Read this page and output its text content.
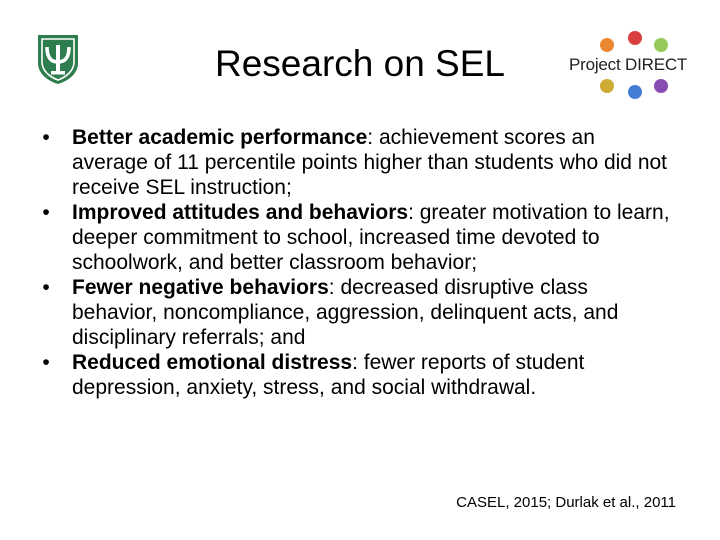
Research on SEL	Project DIRECT
•	Better academic performance: achievement scores an average of 11 percentile points higher than students who did not receive SEL instruction;
•	Improved attitudes and behaviors: greater motivation to learn, deeper commitment to school, increased time devoted to schoolwork, and better classroom behavior;
•	Fewer negative behaviors: decreased disruptive class behavior, noncompliance, aggression, delinquent acts, and disciplinary referrals; and
•	Reduced emotional distress: fewer reports of student depression, anxiety, stress, and social withdrawal.
CASEL, 2015; Durlak et al., 2011
